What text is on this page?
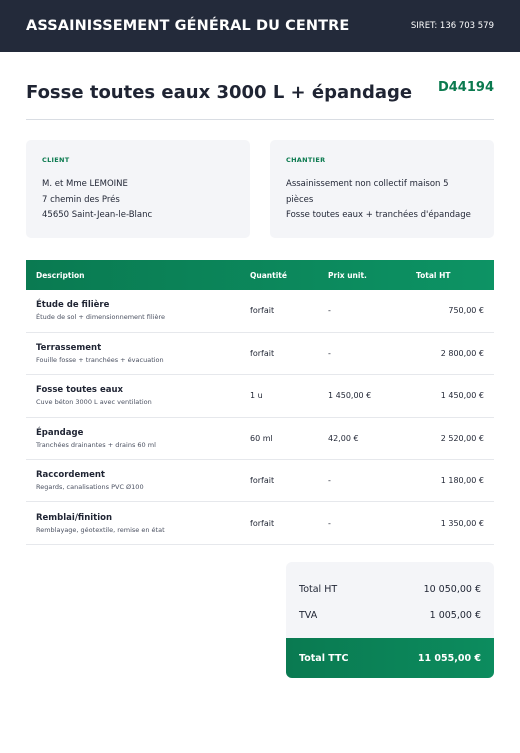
ASSAINISSEMENT GÉNÉRAL DU CENTRE	SIRET: 136 703 579
Fosse toutes eaux 3000 L + épandage D44194
CLIENT
M. et Mme LEMOINE
7 chemin des Prés
45650 Saint-Jean-le-Blanc
CHANTIER
Assainissement non collectif maison 5 pièces
Fosse toutes eaux + tranchées d'épandage
Description	Quantité	Prix unit.	Total HT

Étude de filière
Étude de sol + dimensionnement filière	forfait	-	750,00 €

Terrassement
Fouille fosse + tranchées + évacuation	forfait	-	2 800,00 €

Fosse toutes eaux
Cuve béton 3000 L avec ventilation	1 u	1 450,00 €	1 450,00 €

Épandage
Tranchées drainantes + drains 60 ml	60 ml	42,00 €	2 520,00 €

Raccordement
Regards, canalisations PVC Ø100	forfait	-	1 180,00 €

Remblai/finition
Remblayage, géotextile, remise en état	forfait	-	1 350,00 €
Total HT	10 050,00 €
TVA	1 005,00 €
Total TTC	11 055,00 €
